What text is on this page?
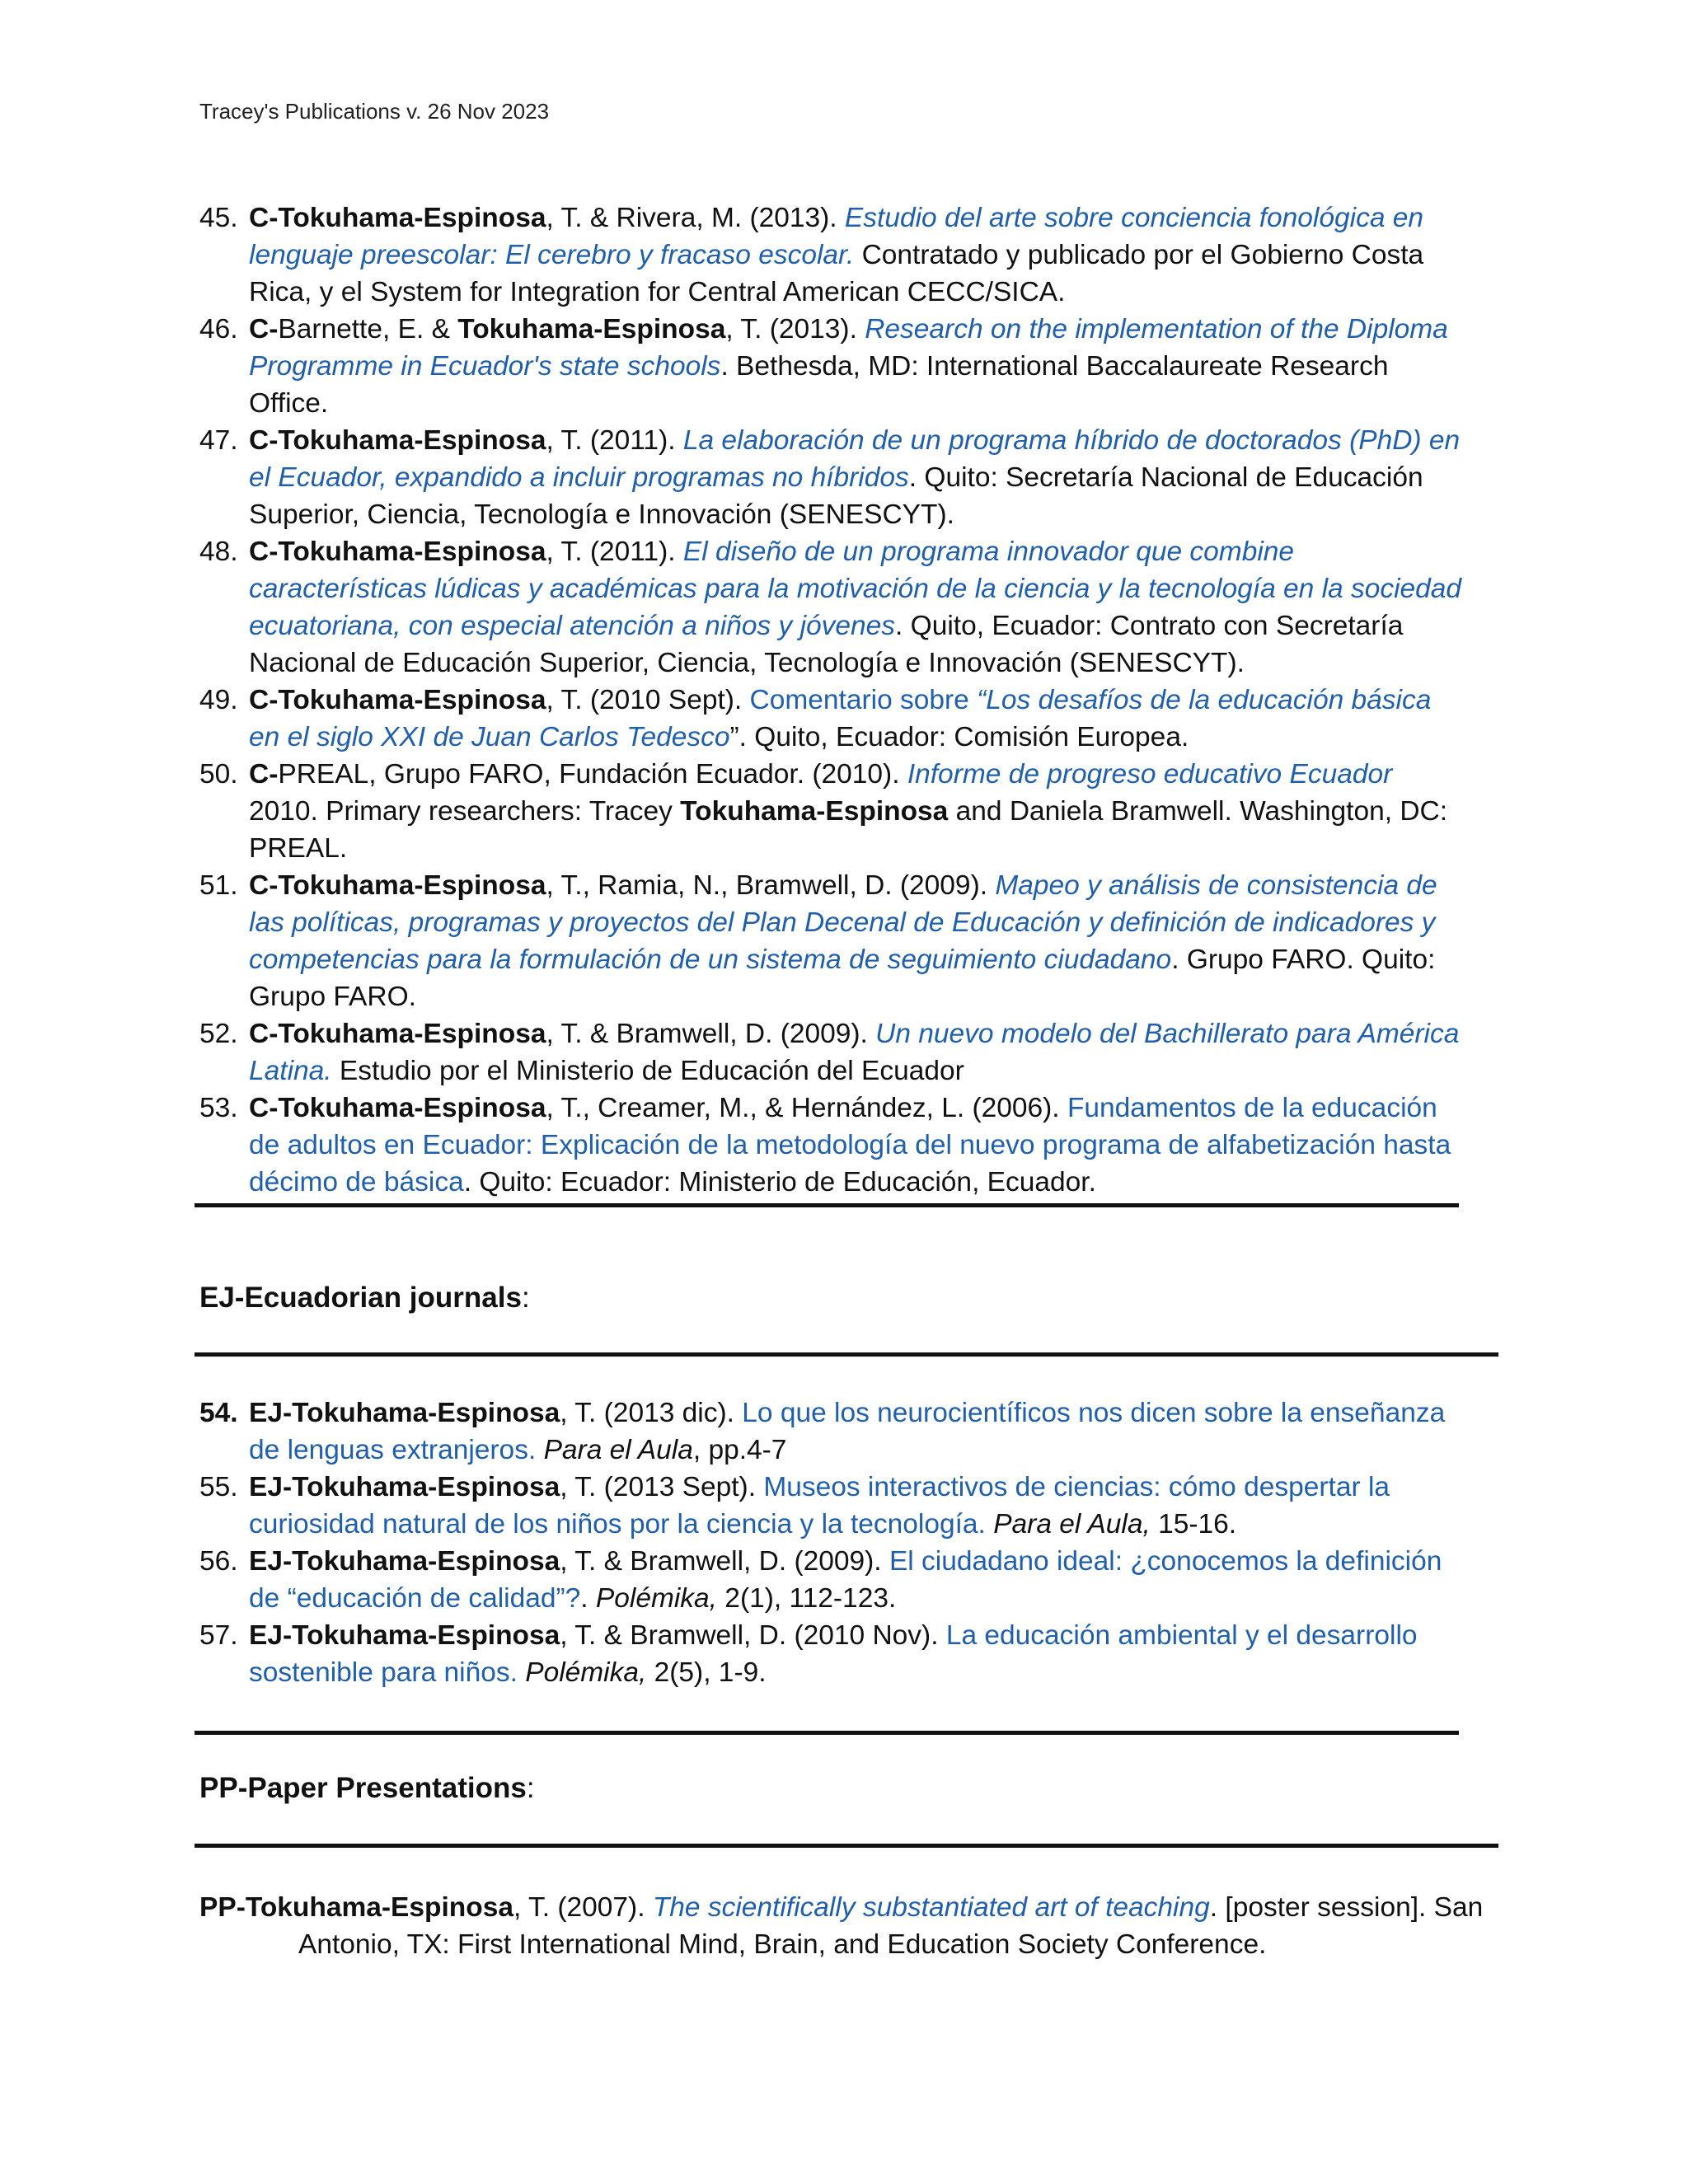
Tracey's Publications v. 26 Nov 2023
45. C-Tokuhama-Espinosa, T. & Rivera, M. (2013). Estudio del arte sobre conciencia fonológica en lenguaje preescolar: El cerebro y fracaso escolar. Contratado y publicado por el Gobierno Costa Rica, y el System for Integration for Central American CECC/SICA.
46. C-Barnette, E. & Tokuhama-Espinosa, T. (2013). Research on the implementation of the Diploma Programme in Ecuador's state schools. Bethesda, MD: International Baccalaureate Research Office.
47. C-Tokuhama-Espinosa, T. (2011). La elaboración de un programa híbrido de doctorados (PhD) en el Ecuador, expandido a incluir programas no híbridos. Quito: Secretaría Nacional de Educación Superior, Ciencia, Tecnología e Innovación (SENESCYT).
48. C-Tokuhama-Espinosa, T. (2011). El diseño de un programa innovador que combine características lúdicas y académicas para la motivación de la ciencia y la tecnología en la sociedad ecuatoriana, con especial atención a niños y jóvenes. Quito, Ecuador: Contrato con Secretaría Nacional de Educación Superior, Ciencia, Tecnología e Innovación (SENESCYT).
49. C-Tokuhama-Espinosa, T. (2010 Sept). Comentario sobre “Los desafíos de la educación básica en el siglo XXI de Juan Carlos Tedesco”. Quito, Ecuador: Comisión Europea.
50. C-PREAL, Grupo FARO, Fundación Ecuador. (2010). Informe de progreso educativo Ecuador 2010. Primary researchers: Tracey Tokuhama-Espinosa and Daniela Bramwell. Washington, DC: PREAL.
51. C-Tokuhama-Espinosa, T., Ramia, N., Bramwell, D. (2009). Mapeo y análisis de consistencia de las políticas, programas y proyectos del Plan Decenal de Educación y definición de indicadores y competencias para la formulación de un sistema de seguimiento ciudadano. Grupo FARO. Quito: Grupo FARO.
52. C-Tokuhama-Espinosa, T. & Bramwell, D. (2009). Un nuevo modelo del Bachillerato para América Latina. Estudio por el Ministerio de Educación del Ecuador
53. C-Tokuhama-Espinosa, T., Creamer, M., & Hernández, L. (2006). Fundamentos de la educación de adultos en Ecuador: Explicación de la metodología del nuevo programa de alfabetización hasta décimo de básica. Quito: Ecuador: Ministerio de Educación, Ecuador.
EJ-Ecuadorian journals:
54. EJ-Tokuhama-Espinosa, T. (2013 dic). Lo que los neurocientíficos nos dicen sobre la enseñanza de lenguas extranjeros. Para el Aula, pp.4-7
55. EJ-Tokuhama-Espinosa, T. (2013 Sept). Museos interactivos de ciencias: cómo despertar la curiosidad natural de los niños por la ciencia y la tecnología. Para el Aula, 15-16.
56. EJ-Tokuhama-Espinosa, T. & Bramwell, D. (2009). El ciudadano ideal: ¿conocemos la definición de “educación de calidad”?. Polémika, 2(1), 112-123.
57. EJ-Tokuhama-Espinosa, T. & Bramwell, D. (2010 Nov). La educación ambiental y el desarrollo sostenible para niños. Polémika, 2(5), 1-9.
PP-Paper Presentations:
PP-Tokuhama-Espinosa, T. (2007). The scientifically substantiated art of teaching. [poster session]. San Antonio, TX: First International Mind, Brain, and Education Society Conference.
